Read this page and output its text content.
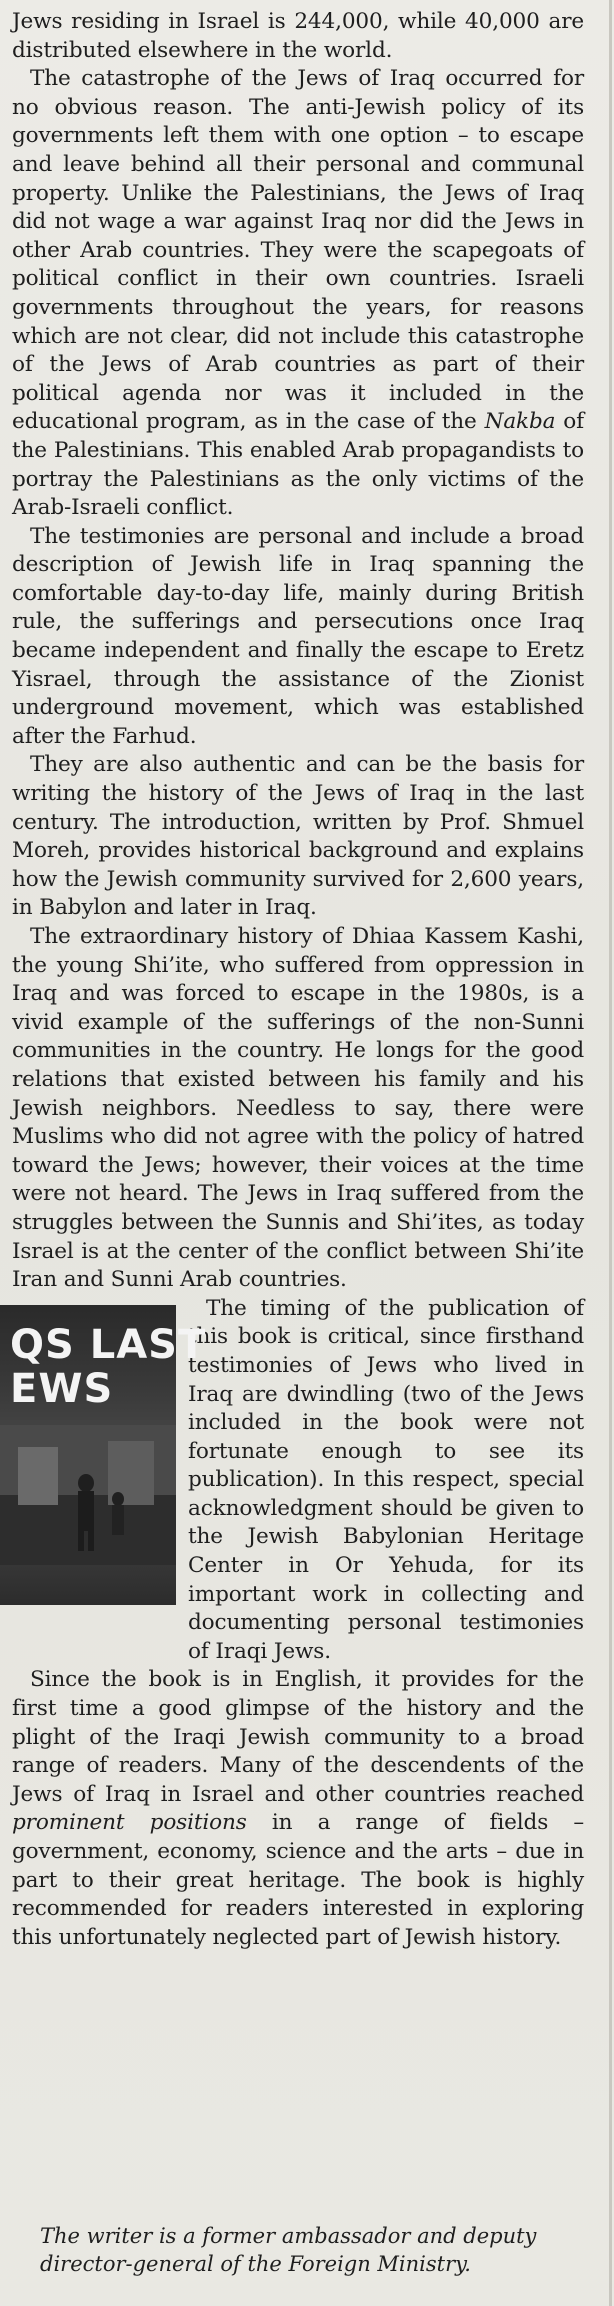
Jews residing in Israel is 244,000, while 40,000 are distributed elsewhere in the world.

The catastrophe of the Jews of Iraq occurred for no obvious reason. The anti-Jewish policy of its governments left them with one option – to escape and leave behind all their personal and communal property. Unlike the Palestinians, the Jews of Iraq did not wage a war against Iraq nor did the Jews in other Arab countries. They were the scapegoats of political conflict in their own countries. Israeli governments throughout the years, for reasons which are not clear, did not include this catastrophe of the Jews of Arab countries as part of their political agenda nor was it included in the educational program, as in the case of the Nakba of the Palestinians. This enabled Arab propagandists to portray the Palestinians as the only victims of the Arab-Israeli conflict.

The testimonies are personal and include a broad description of Jewish life in Iraq spanning the comfortable day-to-day life, mainly during British rule, the sufferings and persecutions once Iraq became independent and finally the escape to Eretz Yisrael, through the assistance of the Zionist underground movement, which was established after the Farhud.

They are also authentic and can be the basis for writing the history of the Jews of Iraq in the last century. The introduction, written by Prof. Shmuel Moreh, provides historical background and explains how the Jewish community survived for 2,600 years, in Babylon and later in Iraq.

The extraordinary history of Dhiaa Kassem Kashi, the young Shi’ite, who suffered from oppression in Iraq and was forced to escape in the 1980s, is a vivid example of the sufferings of the non-Sunni communities in the country. He longs for the good relations that existed between his family and his Jewish neighbors. Needless to say, there were Muslims who did not agree with the policy of hatred toward the Jews; however, their voices at the time were not heard. The Jews in Iraq suffered from the struggles between the Sunnis and Shi’ites, as today Israel is at the center of the conflict between Shi’ite Iran and Sunni Arab countries.

QS LAST
EWS

The timing of the publication of this book is critical, since firsthand testimonies of Jews who lived in Iraq are dwindling (two of the Jews included in the book were not fortunate enough to see its publication). In this respect, special acknowledgment should be given to the Jewish Babylonian Heritage Center in Or Yehuda, for its important work in collecting and documenting personal testimonies of Iraqi Jews.

Since the book is in English, it provides for the first time a good glimpse of the history and the plight of the Iraqi Jewish community to a broad range of readers. Many of the descendents of the Jews of Iraq in Israel and other countries reached prominent positions in a range of fields – government, economy, science and the arts – due in part to their great heritage. The book is highly recommended for readers interested in exploring this unfortunately neglected part of Jewish history.

The writer is a former ambassador and deputy director-general of the Foreign Ministry.
